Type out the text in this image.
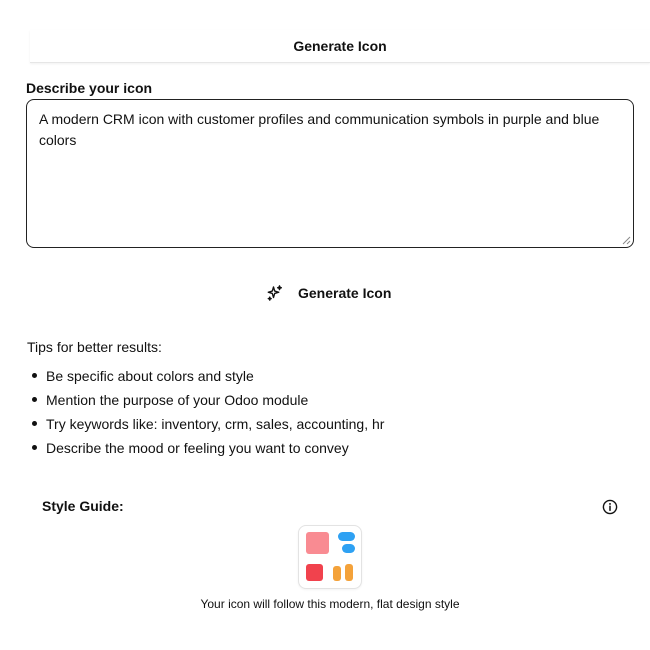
Generate Icon
Describe your icon
A modern CRM icon with customer profiles and communication symbols in purple and blue colors
Generate Icon
Tips for better results:
Be specific about colors and style
Mention the purpose of your Odoo module
Try keywords like: inventory, crm, sales, accounting, hr
Describe the mood or feeling you want to convey
Style Guide:
Your icon will follow this modern, flat design style
